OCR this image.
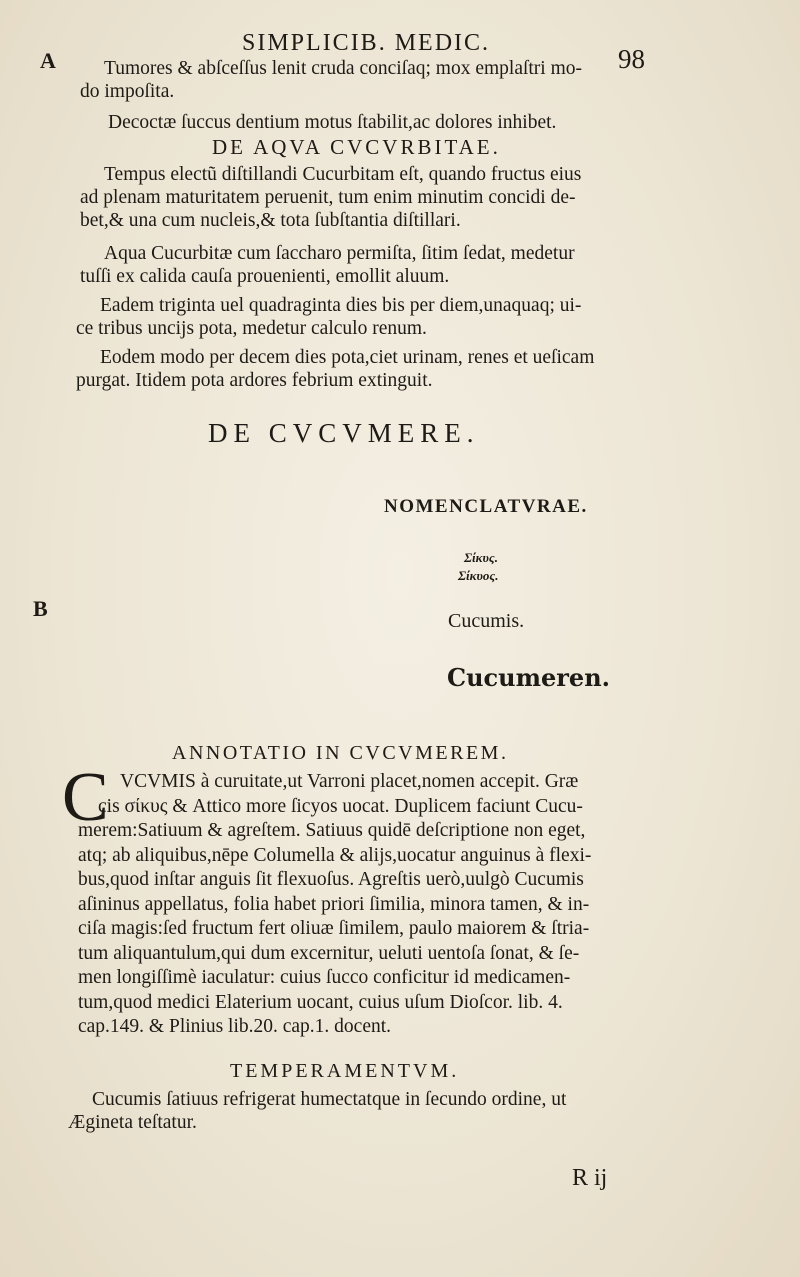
SIMPLICIB. MEDIC.
98
A
B
Tumores & abſceſſus lenit cruda conciſaq; mox emplaſtri mo-
do impoſita.
Decoctæ ſuccus dentium motus ſtabilit,ac dolores inhibet.
DE AQVA CVCVRBITAE.
Tempus electũ diſtillandi Cucurbitam eſt, quando fructus eius
ad plenam maturitatem peruenit, tum enim minutim concidi de-
bet,& una cum nucleis,& tota ſubſtantia diſtillari.
Aqua Cucurbitæ cum ſaccharo permiſta, ſitim ſedat, medetur
tuſſi ex calida cauſa prouenienti, emollit aluum.
Eadem triginta uel quadraginta dies bis per diem,unaquaq; ui-
ce tribus uncijs pota, medetur calculo renum.
Eodem modo per decem dies pota,ciet urinam, renes et ueſicam
purgat. Itidem pota ardores febrium extinguit.
DE CVCVMERE.
NOMENCLATVRAE.
Σίκυς.
Σίκυος.
Cucumis.
Cucumeren.
ANNOTATIO IN CVCVMEREM.
C VCVMIS à curuitate,ut Varroni placet,nomen accepit. Græ
cis σίκυς & Attico more ſicyos uocat. Duplicem faciunt Cucu-
merem:Satiuum & agreſtem. Satiuus quidē deſcriptione non eget,
atq; ab aliquibus,nēpe Columella & alijs,uocatur anguinus à flexi-
bus,quod inſtar anguis ſit flexuoſus. Agreſtis uerò,uulgò Cucumis
aſininus appellatus, folia habet priori ſimilia, minora tamen, & in-
ciſa magis:ſed fructum fert oliuæ ſimilem, paulo maiorem & ſtria-
tum aliquantulum,qui dum excernitur, ueluti uentoſa ſonat, & ſe-
men longiſſimè iaculatur: cuius ſucco conficitur id medicamen-
tum,quod medici Elaterium uocant, cuius uſum Dioſcor. lib. 4.
cap.149. & Plinius lib.20. cap.1. docent.
TEMPERAMENTVM.
Cucumis ſatiuus refrigerat humectatque in ſecundo ordine, ut
Ægineta teſtatur.
R ij
